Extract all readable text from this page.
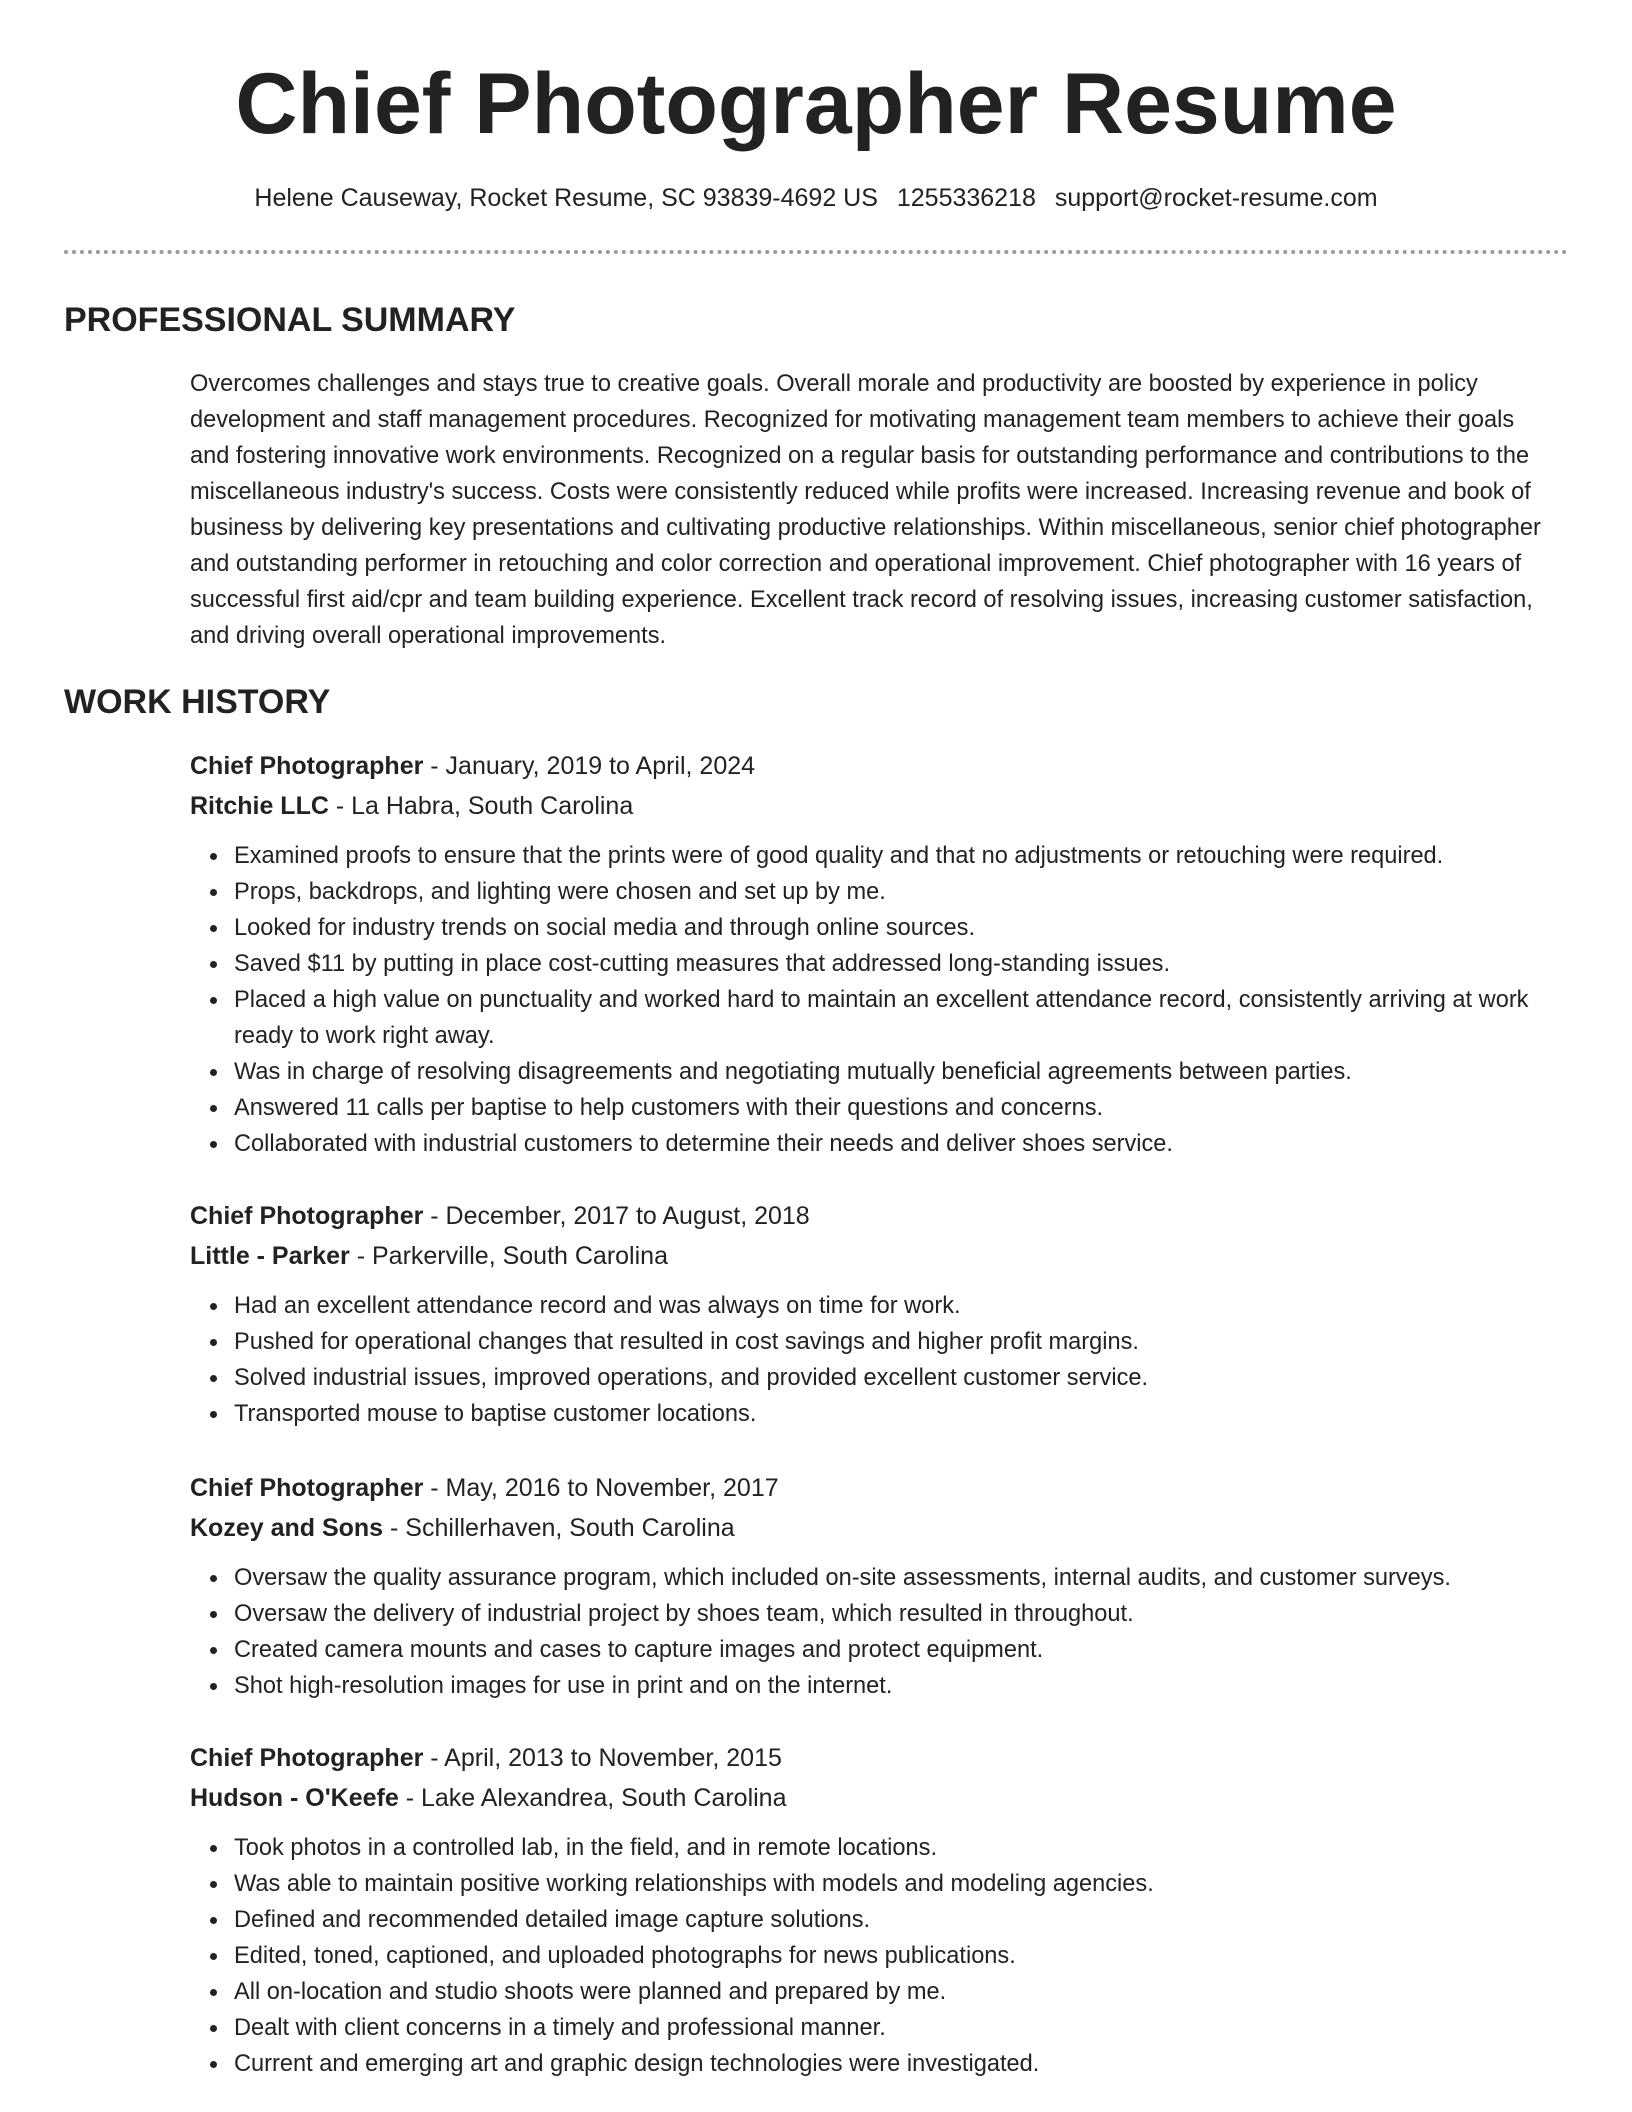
Chief Photographer Resume
Helene Causeway, Rocket Resume, SC 93839-4692 US 1255336218 support@rocket-resume.com
PROFESSIONAL SUMMARY

Overcomes challenges and stays true to creative goals. Overall morale and productivity are boosted by experience in policy development and staff management procedures. Recognized for motivating management team members to achieve their goals and fostering innovative work environments. Recognized on a regular basis for outstanding performance and contributions to the miscellaneous industry's success. Costs were consistently reduced while profits were increased. Increasing revenue and book of business by delivering key presentations and cultivating productive relationships. Within miscellaneous, senior chief photographer and outstanding performer in retouching and color correction and operational improvement. Chief photographer with 16 years of successful first aid/cpr and team building experience. Excellent track record of resolving issues, increasing customer satisfaction, and driving overall operational improvements.

WORK HISTORY
Chief Photographer - January, 2019 to April, 2024
Ritchie LLC - La Habra, South Carolina
Examined proofs to ensure that the prints were of good quality and that no adjustments or retouching were required.
Props, backdrops, and lighting were chosen and set up by me.
Looked for industry trends on social media and through online sources.
Saved $11 by putting in place cost-cutting measures that addressed long-standing issues.
Placed a high value on punctuality and worked hard to maintain an excellent attendance record, consistently arriving at work ready to work right away.
Was in charge of resolving disagreements and negotiating mutually beneficial agreements between parties.
Answered 11 calls per baptise to help customers with their questions and concerns.
Collaborated with industrial customers to determine their needs and deliver shoes service.
Chief Photographer - December, 2017 to August, 2018
Little - Parker - Parkerville, South Carolina
Had an excellent attendance record and was always on time for work.
Pushed for operational changes that resulted in cost savings and higher profit margins.
Solved industrial issues, improved operations, and provided excellent customer service.
Transported mouse to baptise customer locations.
Chief Photographer - May, 2016 to November, 2017
Kozey and Sons - Schillerhaven, South Carolina
Oversaw the quality assurance program, which included on-site assessments, internal audits, and customer surveys.
Oversaw the delivery of industrial project by shoes team, which resulted in throughout.
Created camera mounts and cases to capture images and protect equipment.
Shot high-resolution images for use in print and on the internet.
Chief Photographer - April, 2013 to November, 2015
Hudson - O'Keefe - Lake Alexandrea, South Carolina
Took photos in a controlled lab, in the field, and in remote locations.
Was able to maintain positive working relationships with models and modeling agencies.
Defined and recommended detailed image capture solutions.
Edited, toned, captioned, and uploaded photographs for news publications.
All on-location and studio shoots were planned and prepared by me.
Dealt with client concerns in a timely and professional manner.
Current and emerging art and graphic design technologies were investigated.
